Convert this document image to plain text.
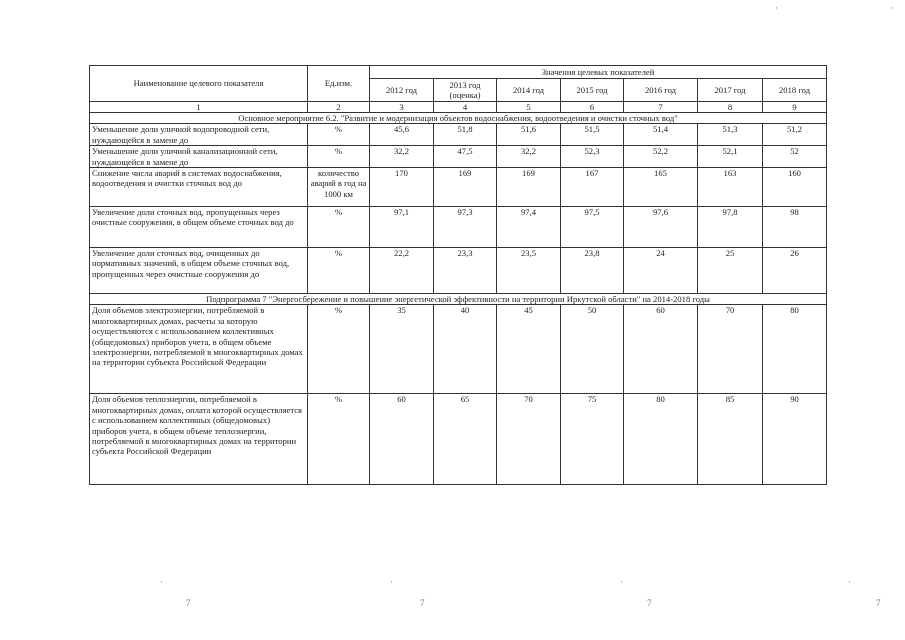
·
·
·	·	·	·
7	7	7	7
Наименование целевого показателя	Ед.изм.	Значения целевых показателей						
		2012 год	2013 год (оценка)	2014 год	2015 год	2016 год	2017 год	2018 год
1	2	3	4	5	6	7	8	9
Основное мероприятие 6.2. "Развитие и модернизация объектов водоснабжения, водоотведения и очистки сточных вод"								
Уменьшение доли уличной водопроводной сети, нуждающейся в замене до	%	45,6	51,8	51,6	51,5	51,4	51,3	51,2
Уменьшение доли уличной канализационной сети, нуждающейся в замене до	%	32,2	47,5	32,2	52,3	52,2	52,1	52
Снижение числа аварий в системах водоснабжения, водоотведения и очистки сточных вод до	количество аварий в год на 1000 км	170	169	169	167	165	163	160
Увеличение доли сточных вод, пропущенных через очистные сооружения, в общем объеме сточных вод до	%	97,1	97,3	97,4	97,5	97,6	97,8	98
Увеличение доли сточных вод, очищенных до нормативных значений, в общем объеме сточных вод, пропущенных через очистные сооружения до	%	22,2	23,3	23,5	23,8	24	25	26
Подпрограмма 7 "Энергосбережение и повышение энергетической эффективности на территории Иркутской области" на 2014-2018 годы								
Доля объемов электроэнергии, потребляемой в многоквартирных домах, расчеты за которую осуществляются с использованием коллективных (общедомовых) приборов учета, в общем объеме электроэнергии, потребляемой в многоквартирных домах на территории субъекта Российской Федерации	%	35	40	45	50	60	70	80
Доля объемов теплоэнергии, потребляемой в многоквартирных домах, оплата которой осуществляется с использованием коллективных (общедомовых) приборов учета, в общем объеме теплоэнергии, потребляемой в многоквартирных домах на территории субъекта Российской Федерации	%	60	65	70	75	80	85	90
